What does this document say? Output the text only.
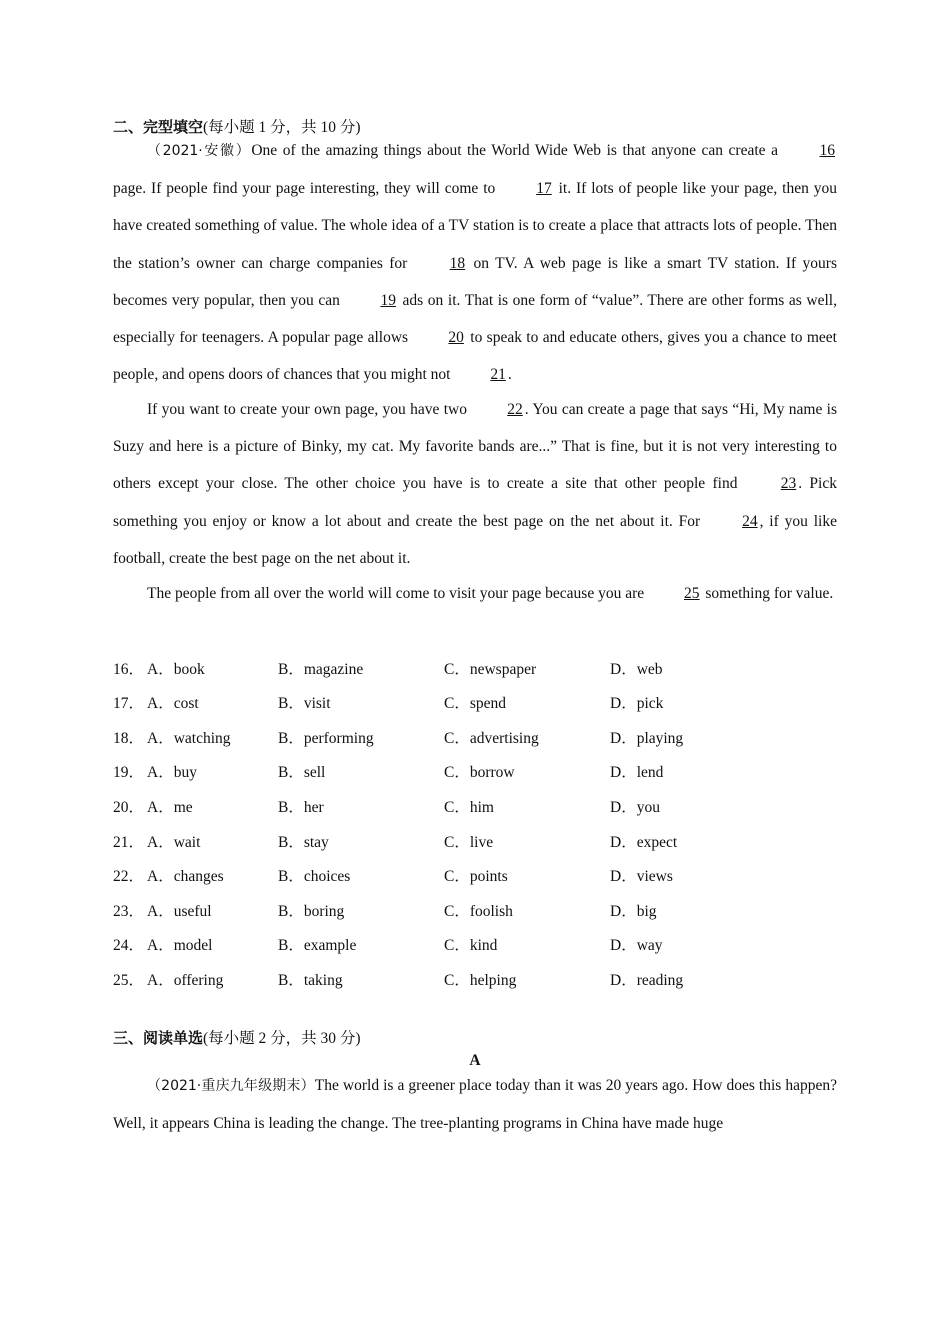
二、完型填空(每小题 1 分，共 10 分)

（2021·安徽）One of the amazing things about the World Wide Web is that anyone can create a 16 page. If people find your page interesting, they will come to 17 it. If lots of people like your page, then you have created something of value. The whole idea of a TV station is to create a place that attracts lots of people. Then the station’s owner can charge companies for 18 on TV. A web page is like a smart TV station. If yours becomes very popular, then you can 19 ads on it. That is one form of “value”. There are other forms as well, especially for teenagers. A popular page allows 20 to speak to and educate others, gives you a chance to meet people, and opens doors of chances that you might not 21 .

If you want to create your own page, you have two 22 . You can create a page that says “Hi, My name is Suzy and here is a picture of Binky, my cat. My favorite bands are...” That is fine, but it is not very interesting to others except your close. The other choice you have is to create a site that other people find 23 . Pick something you enjoy or know a lot about and create the best page on the net about it. For 24 , if you like football, create the best page on the net about it.

The people from all over the world will come to visit your page because you are 25 something for value.

16． A．book	B．magazine	C．newspaper	D．web
17． A．cost	B．visit	C．spend	D．pick
18． A．watching	B．performing	C．advertising	D．playing
19． A．buy	B．sell	C．borrow	D．lend
20． A．me	B．her	C．him	D．you
21． A．wait	B．stay	C．live	D．expect
22． A．changes	B．choices	C．points	D．views
23． A．useful	B．boring	C．foolish	D．big
24． A．model	B．example	C．kind	D．way
25． A．offering	B．taking	C．helping	D．reading
三、阅读单选(每小题 2 分，共 30 分)
A

（2021·重庆九年级期末）The world is a greener place today than it was 20 years ago. How does this happen? Well, it appears China is leading the change. The tree-planting programs in China have made huge
